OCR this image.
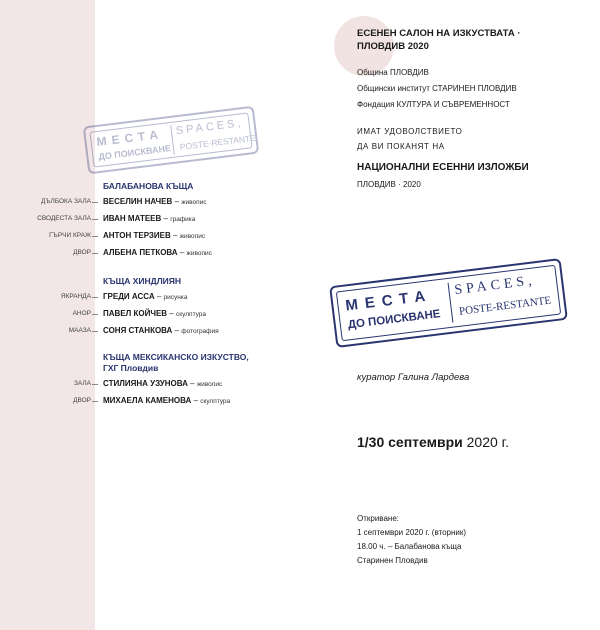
ЕСЕНЕН САЛОН НА ИЗКУСТВАТА ·
ПЛОВДИВ 2020
Община ПЛОВДИВ
Общински институт СТАРИНЕН ПЛОВДИВ
Фондация КУЛТУРА И СЪВРЕМЕННОСТ
ИМАТ УДОВОЛСТВИЕТО
ДА ВИ ПОКАНЯТ НА
НАЦИОНАЛНИ ЕСЕННИ ИЗЛОЖБИ
ПЛОВДИВ · 2020
МЕСТА SPACES,
ДО ПОИСКВАНЕ
POSTE-RESTANTE
МЕСТА
SPACES,
ДО ПОИСКВАНЕ
POSTE-RESTANTE
куратор Галина Лардева
1/30 септември 2020 г.
Откриване:
1 септември 2020 г. (вторник)
18.00 ч. – Балабанова къща
Старинен Пловдив
БАЛАБАНОВА КЪЩА
ДЪЛБОКА ЗАЛА ВЕСЕЛИН НАЧЕВ – живопис
СВОДЕСТА ЗАЛА ИВАН МАТЕЕВ – графика
ГЪРЧИ КРАЖ АНТОН ТЕРЗИЕВ – живопис
ДВОР АЛБЕНА ПЕТКОВА – живопис
КЪЩА ХИНДЛИЯН
ЯКРАНДА ГРЕДИ АССА – рисунка
АНОР ПАВЕЛ КОЙЧЕВ – скулптура
МААЗА СОНЯ СТАНКОВА – фотография
КЪЩА МЕКСИКАНСКО ИЗКУСТВО,
ГХГ Пловдив
ЗАЛА СТИЛИЯНА УЗУНОВА – живопис
ДВОР МИХАЕЛА КАМЕНОВА – скулптура
